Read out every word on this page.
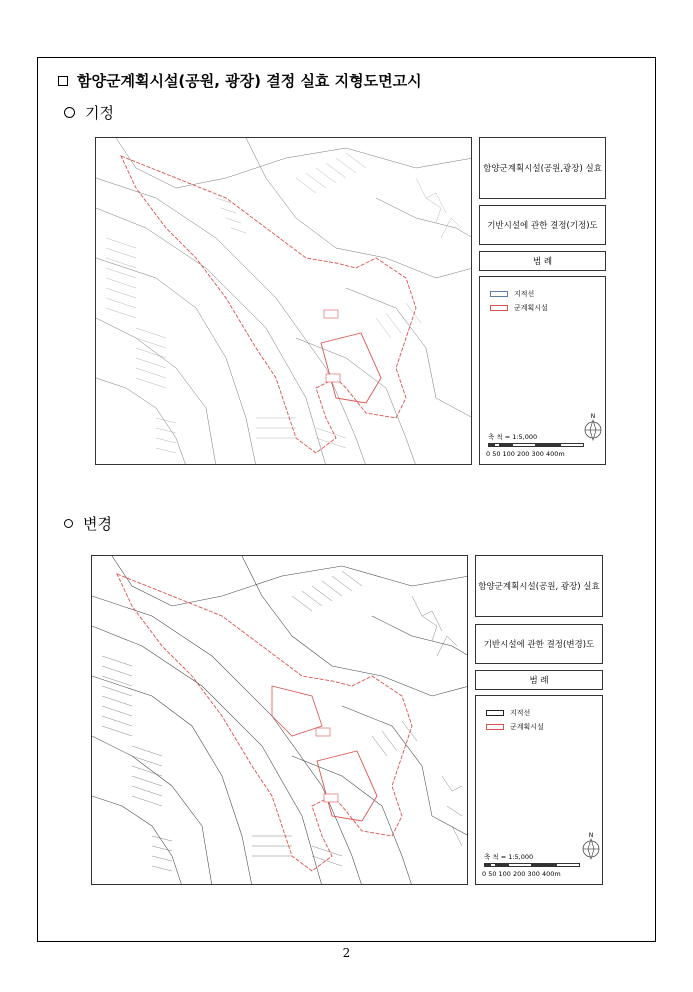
함양군계획시설(공원, 광장) 결정 실효 지형도면고시
기정
함양군계획시설(공원,광장) 실효
기반시설에 관한 결정(기정)도
범 례
지적선
군계획시설
N
축 척 = 1:5,000
0 50 100 200 300 400m
변경
함양군계획시설(공원, 광장) 실효
기반시설에 관한 결정(변경)도
범 례
지적선
군계획시설
N
축 척 = 1:5,000
0 50 100 200 300 400m
2
